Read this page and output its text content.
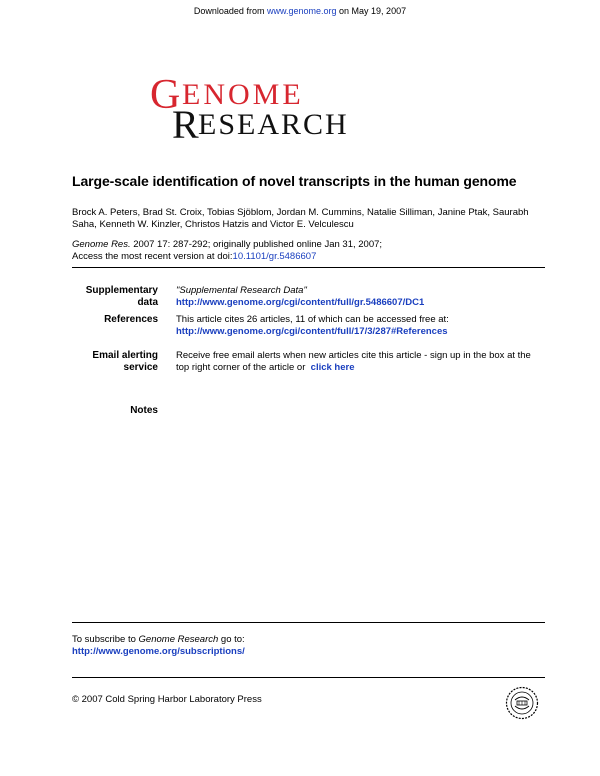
Downloaded from www.genome.org on May 19, 2007
G ENOME
R ESEARCH
Large-scale identification of novel transcripts in the human genome
Brock A. Peters, Brad St. Croix, Tobias Sjöblom, Jordan M. Cummins, Natalie Silliman, Janine Ptak, Saurabh
Saha, Kenneth W. Kinzler, Christos Hatzis and Victor E. Velculescu
Genome Res. 2007 17: 287-292; originally published online Jan 31, 2007;
Access the most recent version at doi:10.1101/gr.5486607
Supplementary
data
"Supplemental Research Data"
http://www.genome.org/cgi/content/full/gr.5486607/DC1
References This article cites 26 articles, 11 of which can be accessed free at:
http://www.genome.org/cgi/content/full/17/3/287#References
Email alerting
service
Receive free email alerts when new articles cite this article - sign up in the box at the
top right corner of the article or click here
Notes
To subscribe to Genome Research go to:
http://www.genome.org/subscriptions/
© 2007 Cold Spring Harbor Laboratory Press
